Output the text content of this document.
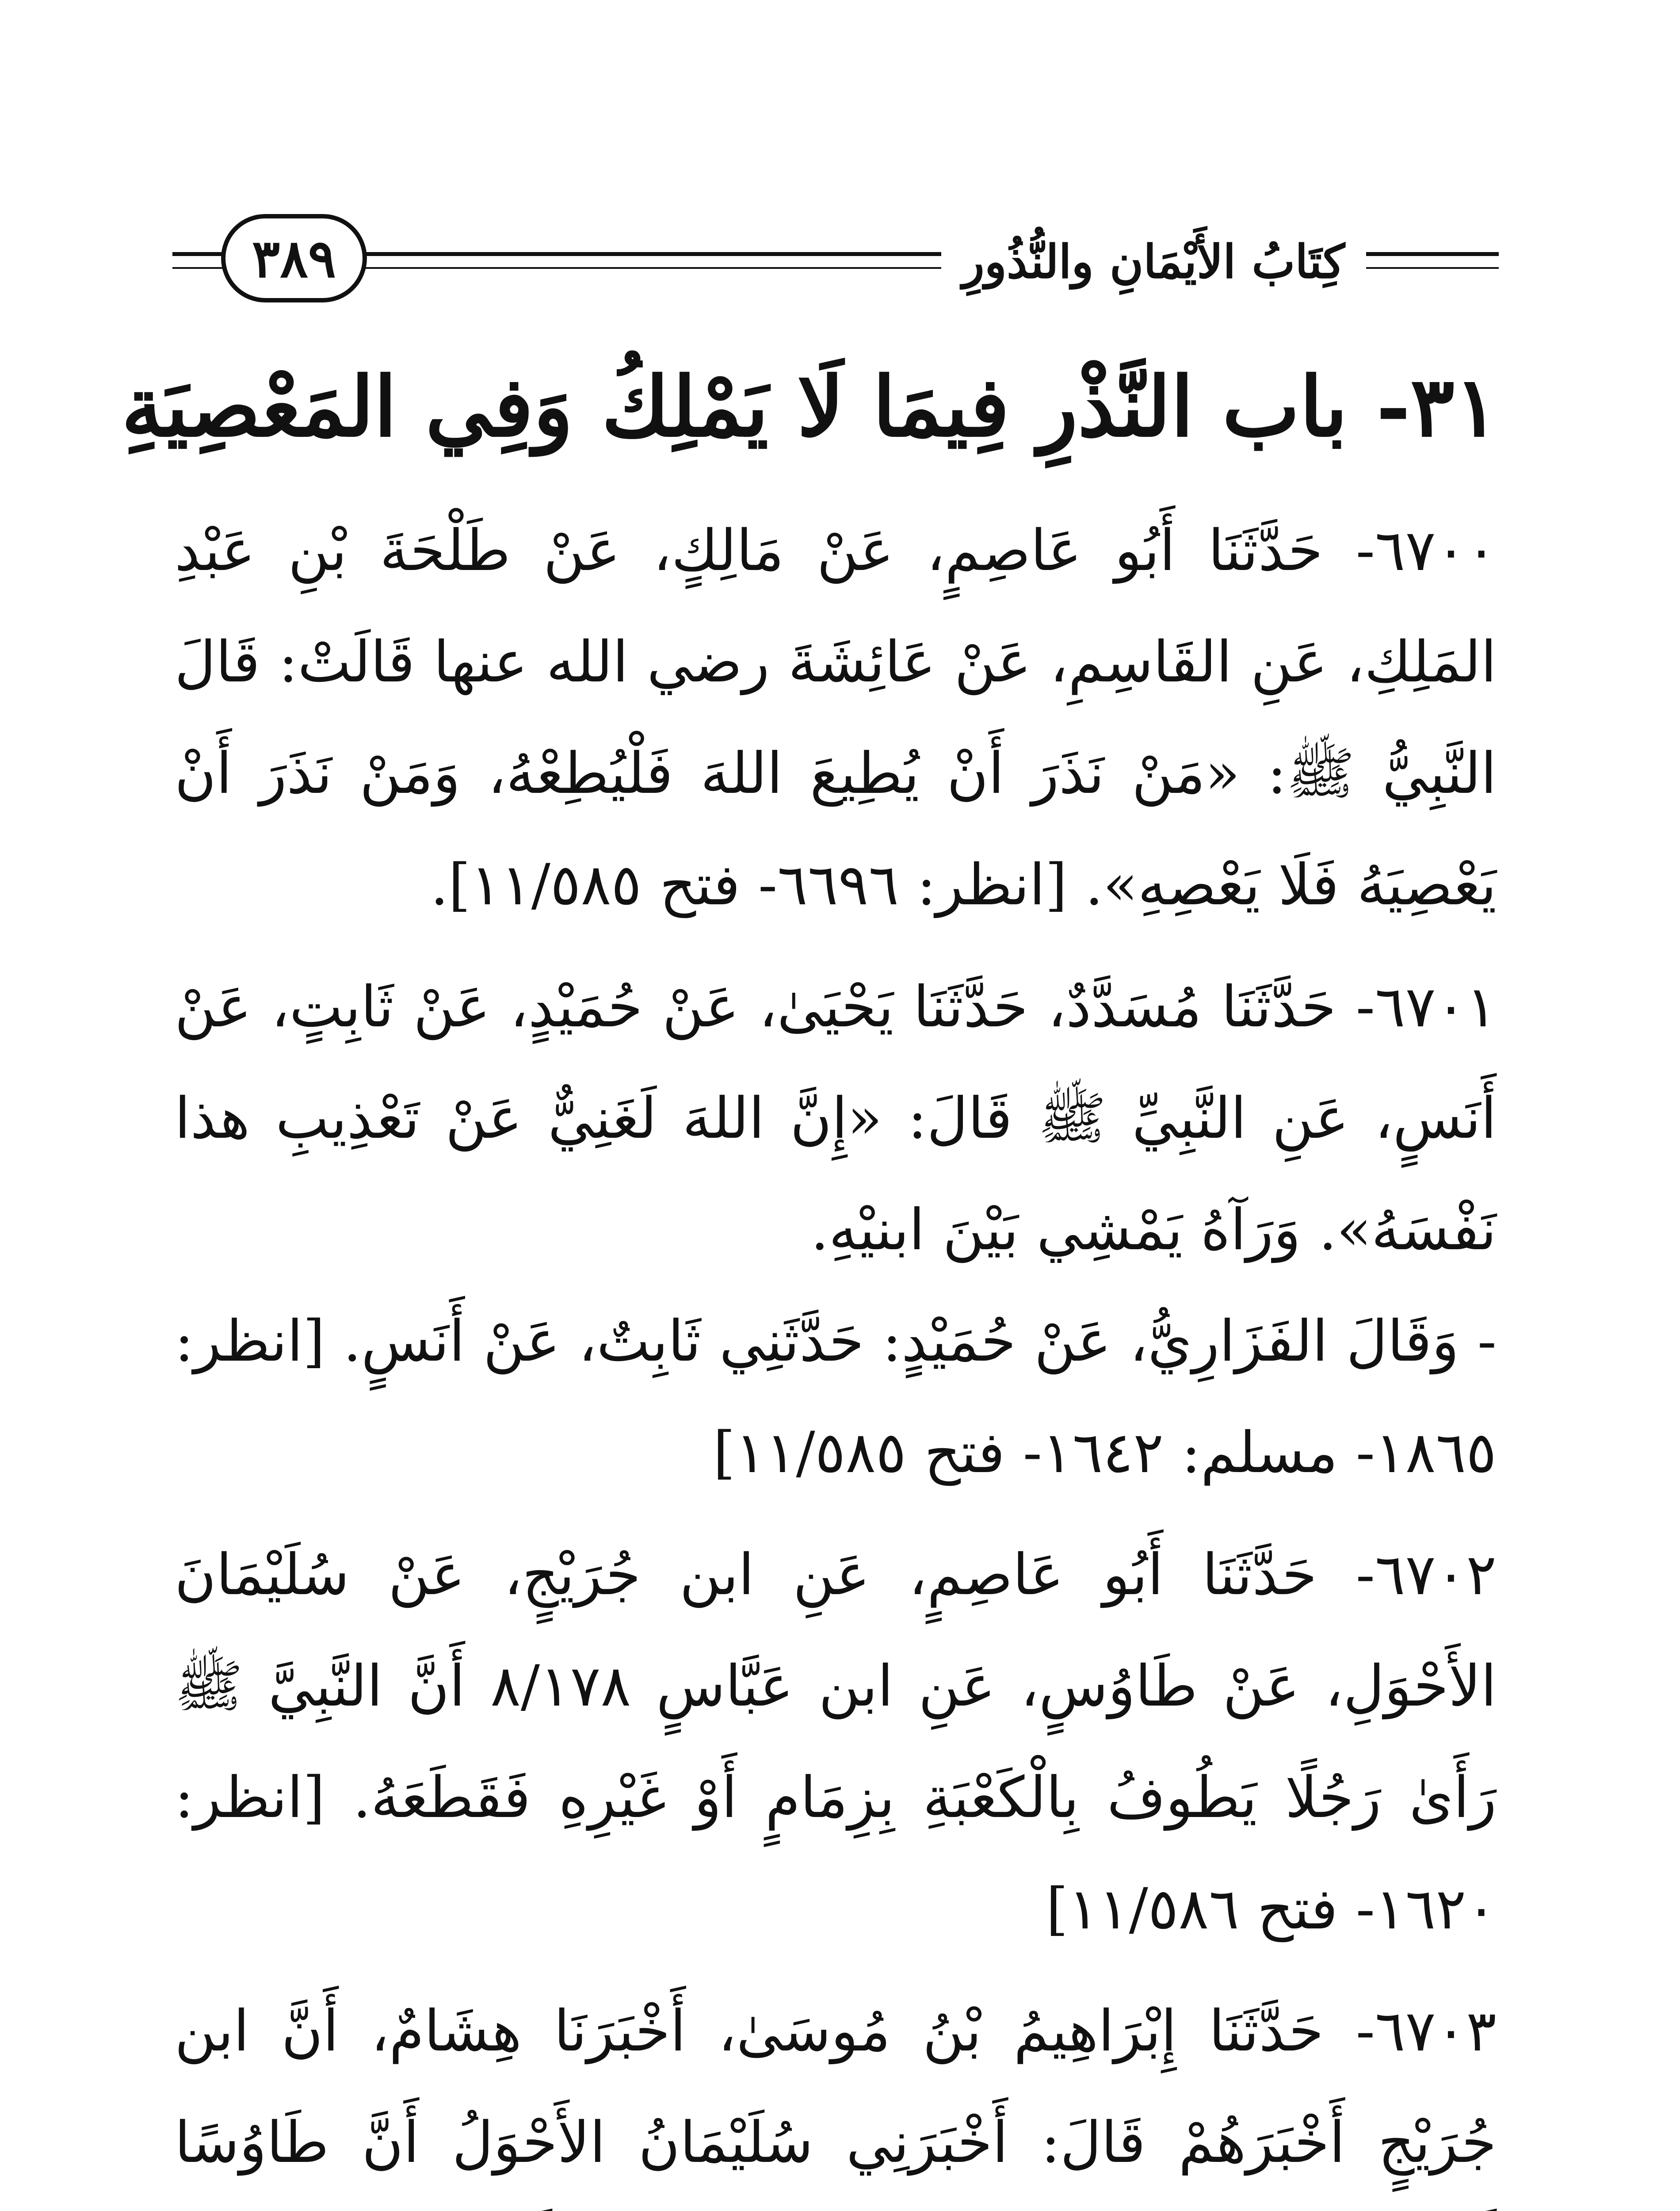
٣٨٩	كِتَابُ الأَيْمَانِ والنُّذُورِ
٣١- باب النَّذْرِ فِيمَا لَا يَمْلِكُ وَفِي المَعْصِيَةِ

٦٧٠٠- حَدَّثَنَا أَبُو عَاصِمٍ، عَنْ مَالِكٍ، عَنْ طَلْحَةَ بْنِ عَبْدِ المَلِكِ، عَنِ القَاسِمِ، عَنْ عَائِشَةَ رضي الله عنها قَالَتْ: قَالَ النَّبِيُّ ﷺ: «مَنْ نَذَرَ أَنْ يُطِيعَ اللهَ فَلْيُطِعْهُ، وَمَنْ نَذَرَ أَنْ يَعْصِيَهُ فَلَا يَعْصِهِ». [انظر: ٦٦٩٦- فتح ١١/٥٨٥].

٦٧٠١- حَدَّثَنَا مُسَدَّدٌ، حَدَّثَنَا يَحْيَىٰ، عَنْ حُمَيْدٍ، عَنْ ثَابِتٍ، عَنْ أَنَسٍ، عَنِ النَّبِيِّ ﷺ قَالَ: «إِنَّ اللهَ لَغَنِيٌّ عَنْ تَعْذِيبِ هذا نَفْسَهُ». وَرَآهُ يَمْشِي بَيْنَ ابنيْهِ.

- وَقَالَ الفَزَارِيُّ، عَنْ حُمَيْدٍ: حَدَّثَنِي ثَابِتٌ، عَنْ أَنَسٍ. [انظر: ١٨٦٥- مسلم: ١٦٤٢- فتح ١١/٥٨٥]

٦٧٠٢- حَدَّثَنَا أَبُو عَاصِمٍ، عَنِ ابن جُرَيْجٍ، عَنْ سُلَيْمَانَ الأَحْوَلِ، عَنْ طَاوُسٍ، عَنِ ابن عَبَّاسٍ ٨/١٧٨ أَنَّ النَّبِيَّ ﷺ رَأَىٰ رَجُلًا يَطُوفُ بِالْكَعْبَةِ بِزِمَامٍ أَوْ غَيْرِهِ فَقَطَعَهُ. [انظر: ١٦٢٠- فتح ١١/٥٨٦]

٦٧٠٣- حَدَّثَنَا إِبْرَاهِيمُ بْنُ مُوسَىٰ، أَخْبَرَنَا هِشَامٌ، أَنَّ ابن جُرَيْجٍ أَخْبَرَهُمْ قَالَ: أَخْبَرَنِي سُلَيْمَانُ الأَحْوَلُ أَنَّ طَاوُسًا
